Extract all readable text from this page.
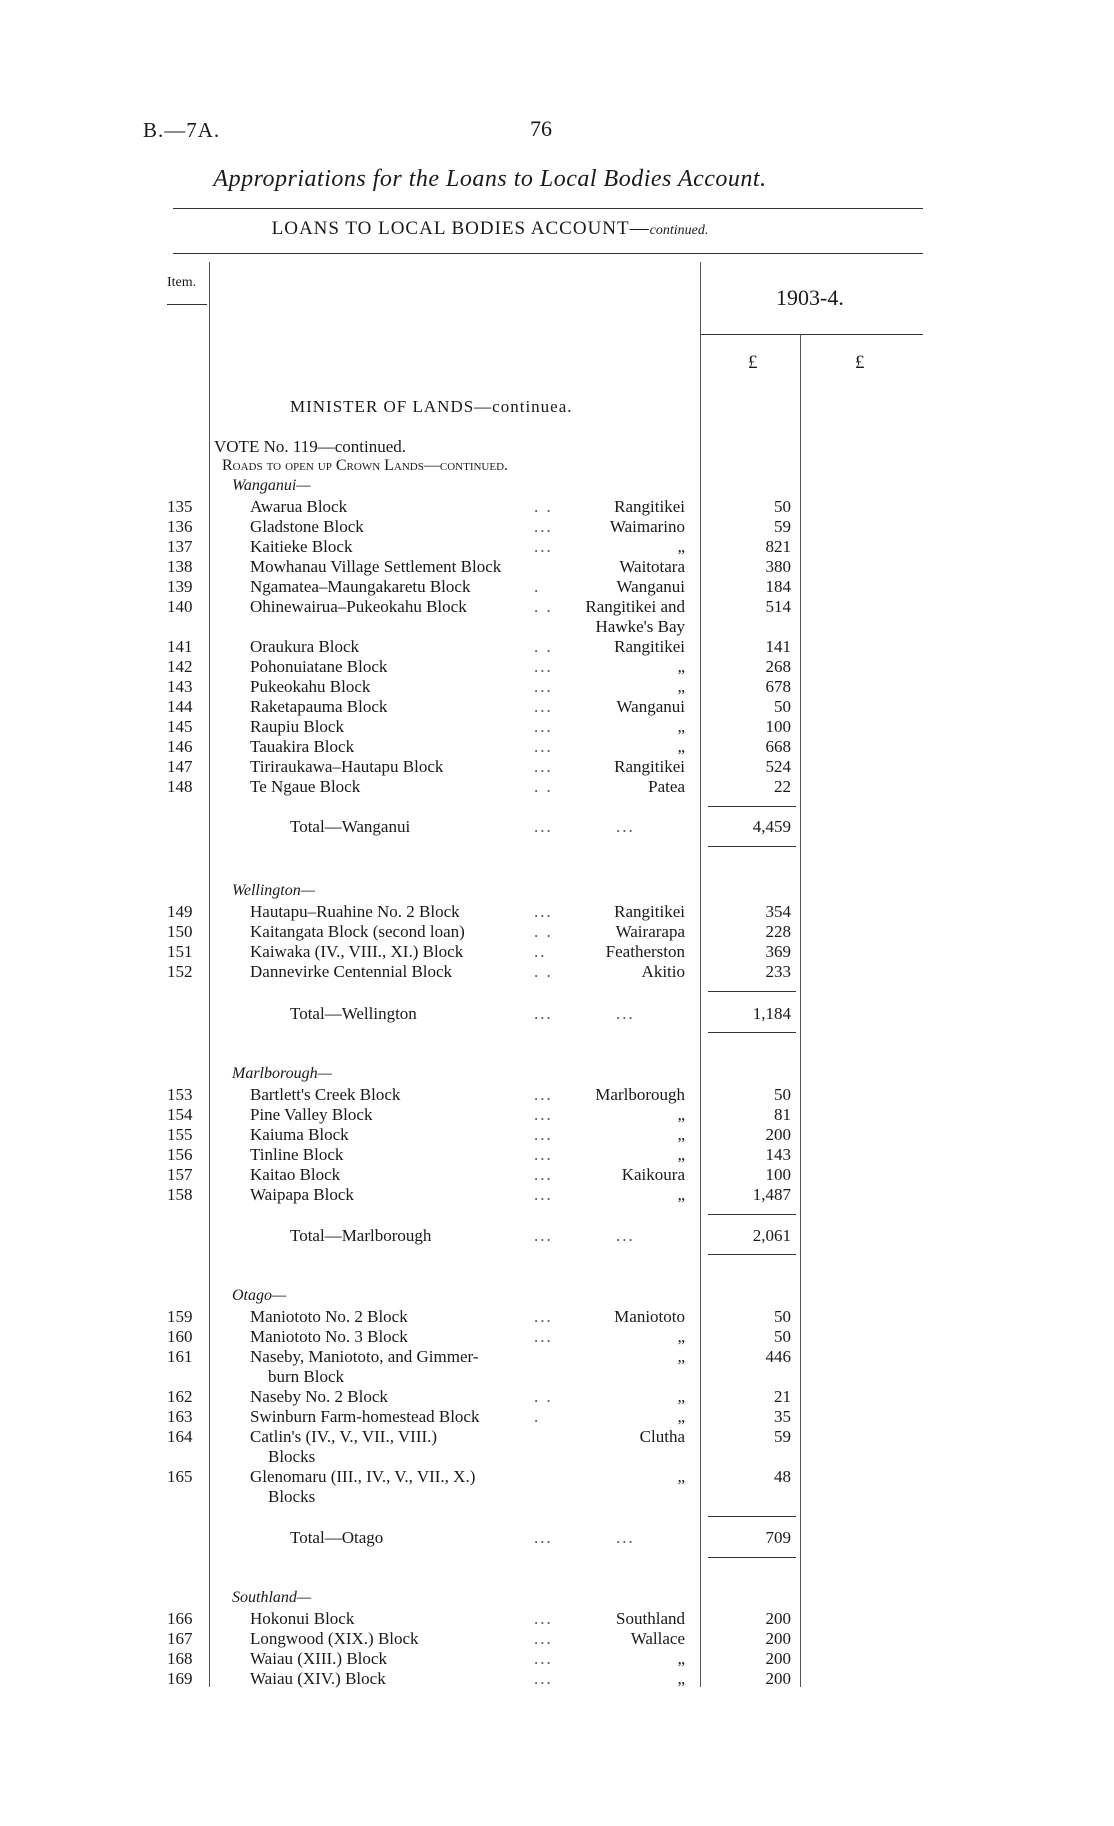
B.—7A.	76
Appropriations for the Loans to Local Bodies Account.
LOANS TO LOCAL BODIES ACCOUNT—continued.
Item.
1903-4.
£	£
MINISTER OF LANDS—continuea.
VOTE No. 119—continued.
Roads to open up Crown Lands—continued.
Wanganui—
135	Awarua Block	. .	Rangitikei	50
136	Gladstone Block	...	Waimarino	59
137	Kaitieke Block	...	„	821
138	Mowhanau Village Settlement Block	Waitotara	380
139	Ngamatea–Maungakaretu Block	.	Wanganui	184
140	Ohinewairua–Pukeokahu Block	. .	Rangitikei and	514
Hawke's Bay
141	Oraukura Block	. .	Rangitikei	141
142	Pohonuiatane Block	...	„	268
143	Pukeokahu Block	...	„	678
144	Raketapauma Block	...	Wanganui	50
145	Raupiu Block	...	„	100
146	Tauakira Block	...	„	668
147	Tiriraukawa–Hautapu Block	...	Rangitikei	524
148	Te Ngaue Block	. .	Patea	22
Total—Wanganui	...	...	4,459
Wellington—
149	Hautapu–Ruahine No. 2 Block	...	Rangitikei	354
150	Kaitangata Block (second loan)	. .	Wairarapa	228
151	Kaiwaka (IV., VIII., XI.) Block	..	Featherston	369
152	Dannevirke Centennial Block	. .	Akitio	233
Total—Wellington	...	...	1,184
Marlborough—
153	Bartlett's Creek Block	...	Marlborough	50
154	Pine Valley Block	...	„	81
155	Kaiuma Block	...	„	200
156	Tinline Block	...	„	143
157	Kaitao Block	...	Kaikoura	100
158	Waipapa Block	...	„	1,487
Total—Marlborough	...	...	2,061
Otago—
159	Maniototo No. 2 Block	...	Maniototo	50
160	Maniototo No. 3 Block	...	„	50
161	Naseby, Maniototo, and Gimmer-	„	446
burn Block
162	Naseby No. 2 Block	. .	„	21
163	Swinburn Farm-homestead Block	.	„	35
164	Catlin's (IV., V., VII., VIII.)	Clutha	59
Blocks
165	Glenomaru (III., IV., V., VII., X.)	„	48
Blocks
Total—Otago	...	...	709
Southland—
166	Hokonui Block	...	Southland	200
167	Longwood (XIX.) Block	...	Wallace	200
168	Waiau (XIII.) Block	...	„	200
169	Waiau (XIV.) Block	...	„	200
